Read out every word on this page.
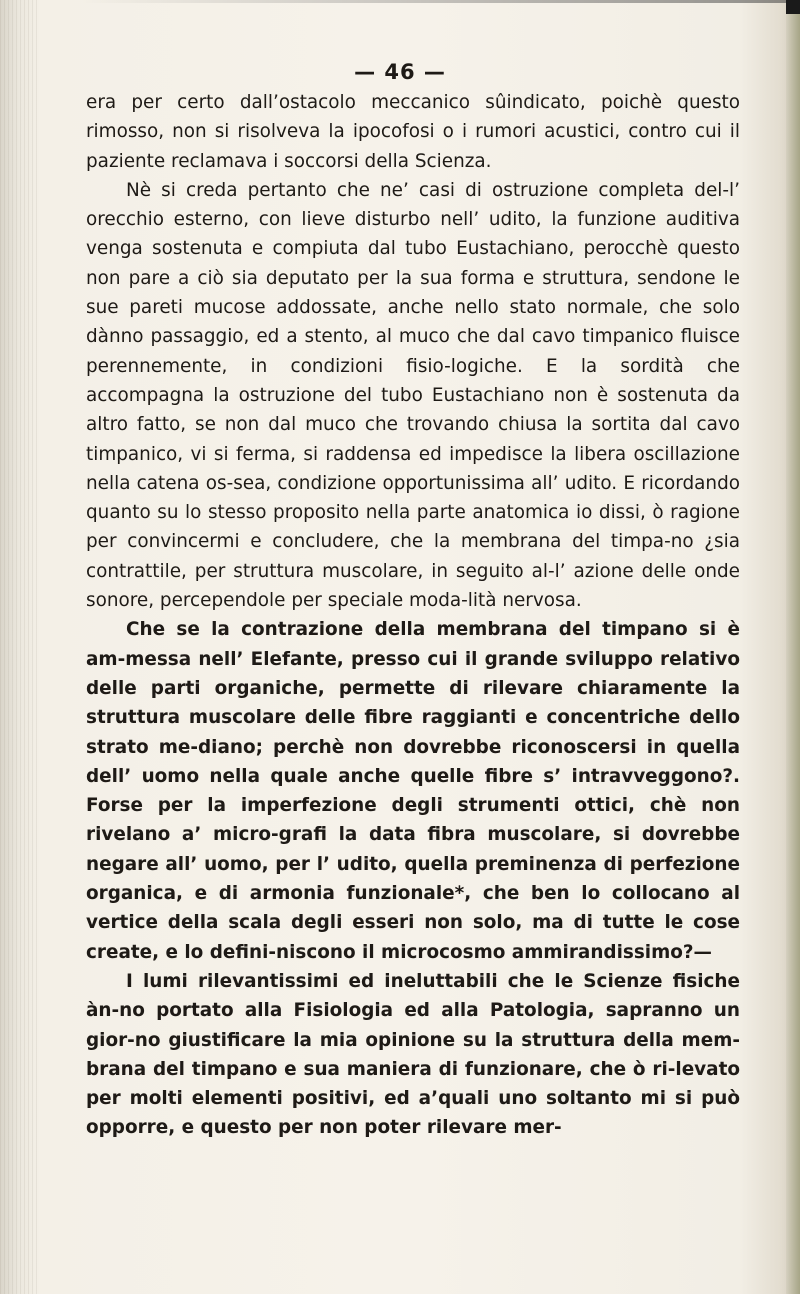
— 46 —

era per certo dall’ostacolo meccanico sûindicato, poichè questo rimosso, non si risolveva la ipocofosi o i rumori acustici, contro cui il paziente reclamava i soccorsi della Scienza.

Nè si creda pertanto che ne’ casi di ostruzione completa del-l’ orecchio esterno, con lieve disturbo nell’ udito, la funzione auditiva venga sostenuta e compiuta dal tubo Eustachiano, perocchè questo non pare a ciò sia deputato per la sua forma e struttura, sendone le sue pareti mucose addossate, anche nello stato normale, che solo dànno passaggio, ed a stento, al muco che dal cavo timpanico fluisce perennemente, in condizioni fisio-logiche. E la sordità che accompagna la ostruzione del tubo Eustachiano non è sostenuta da altro fatto, se non dal muco che trovando chiusa la sortita dal cavo timpanico, vi si ferma, si raddensa ed impedisce la libera oscillazione nella catena os-sea, condizione opportunissima all’ udito. E ricordando quanto su lo stesso proposito nella parte anatomica io dissi, ò ragione per convincermi e concludere, che la membrana del timpa-no ¿sia contrattile, per struttura muscolare, in seguito al-l’ azione delle onde sonore, percependole per speciale moda-lità nervosa.

Che se la contrazione della membrana del timpano si è am-messa nell’ Elefante, presso cui il grande sviluppo relativo delle parti organiche, permette di rilevare chiaramente la struttura muscolare delle fibre raggianti e concentriche dello strato me-diano; perchè non dovrebbe riconoscersi in quella dell’ uomo nella quale anche quelle fibre s’ intravveggono?. Forse per la imperfezione degli strumenti ottici, chè non rivelano a’ micro-grafi la data fibra muscolare, si dovrebbe negare all’ uomo, per l’ udito, quella preminenza di perfezione organica, e di armonia funzionale*, che ben lo collocano al vertice della scala degli esseri non solo, ma di tutte le cose create, e lo defini-niscono il microcosmo ammirandissimo?—

I lumi rilevantissimi ed ineluttabili che le Scienze fisiche àn-no portato alla Fisiologia ed alla Patologia, sapranno un gior-no giustificare la mia opinione su la struttura della mem-brana del timpano e sua maniera di funzionare, che ò ri-levato per molti elementi positivi, ed a’quali uno soltanto mi si può opporre, e questo per non poter rilevare mer-
